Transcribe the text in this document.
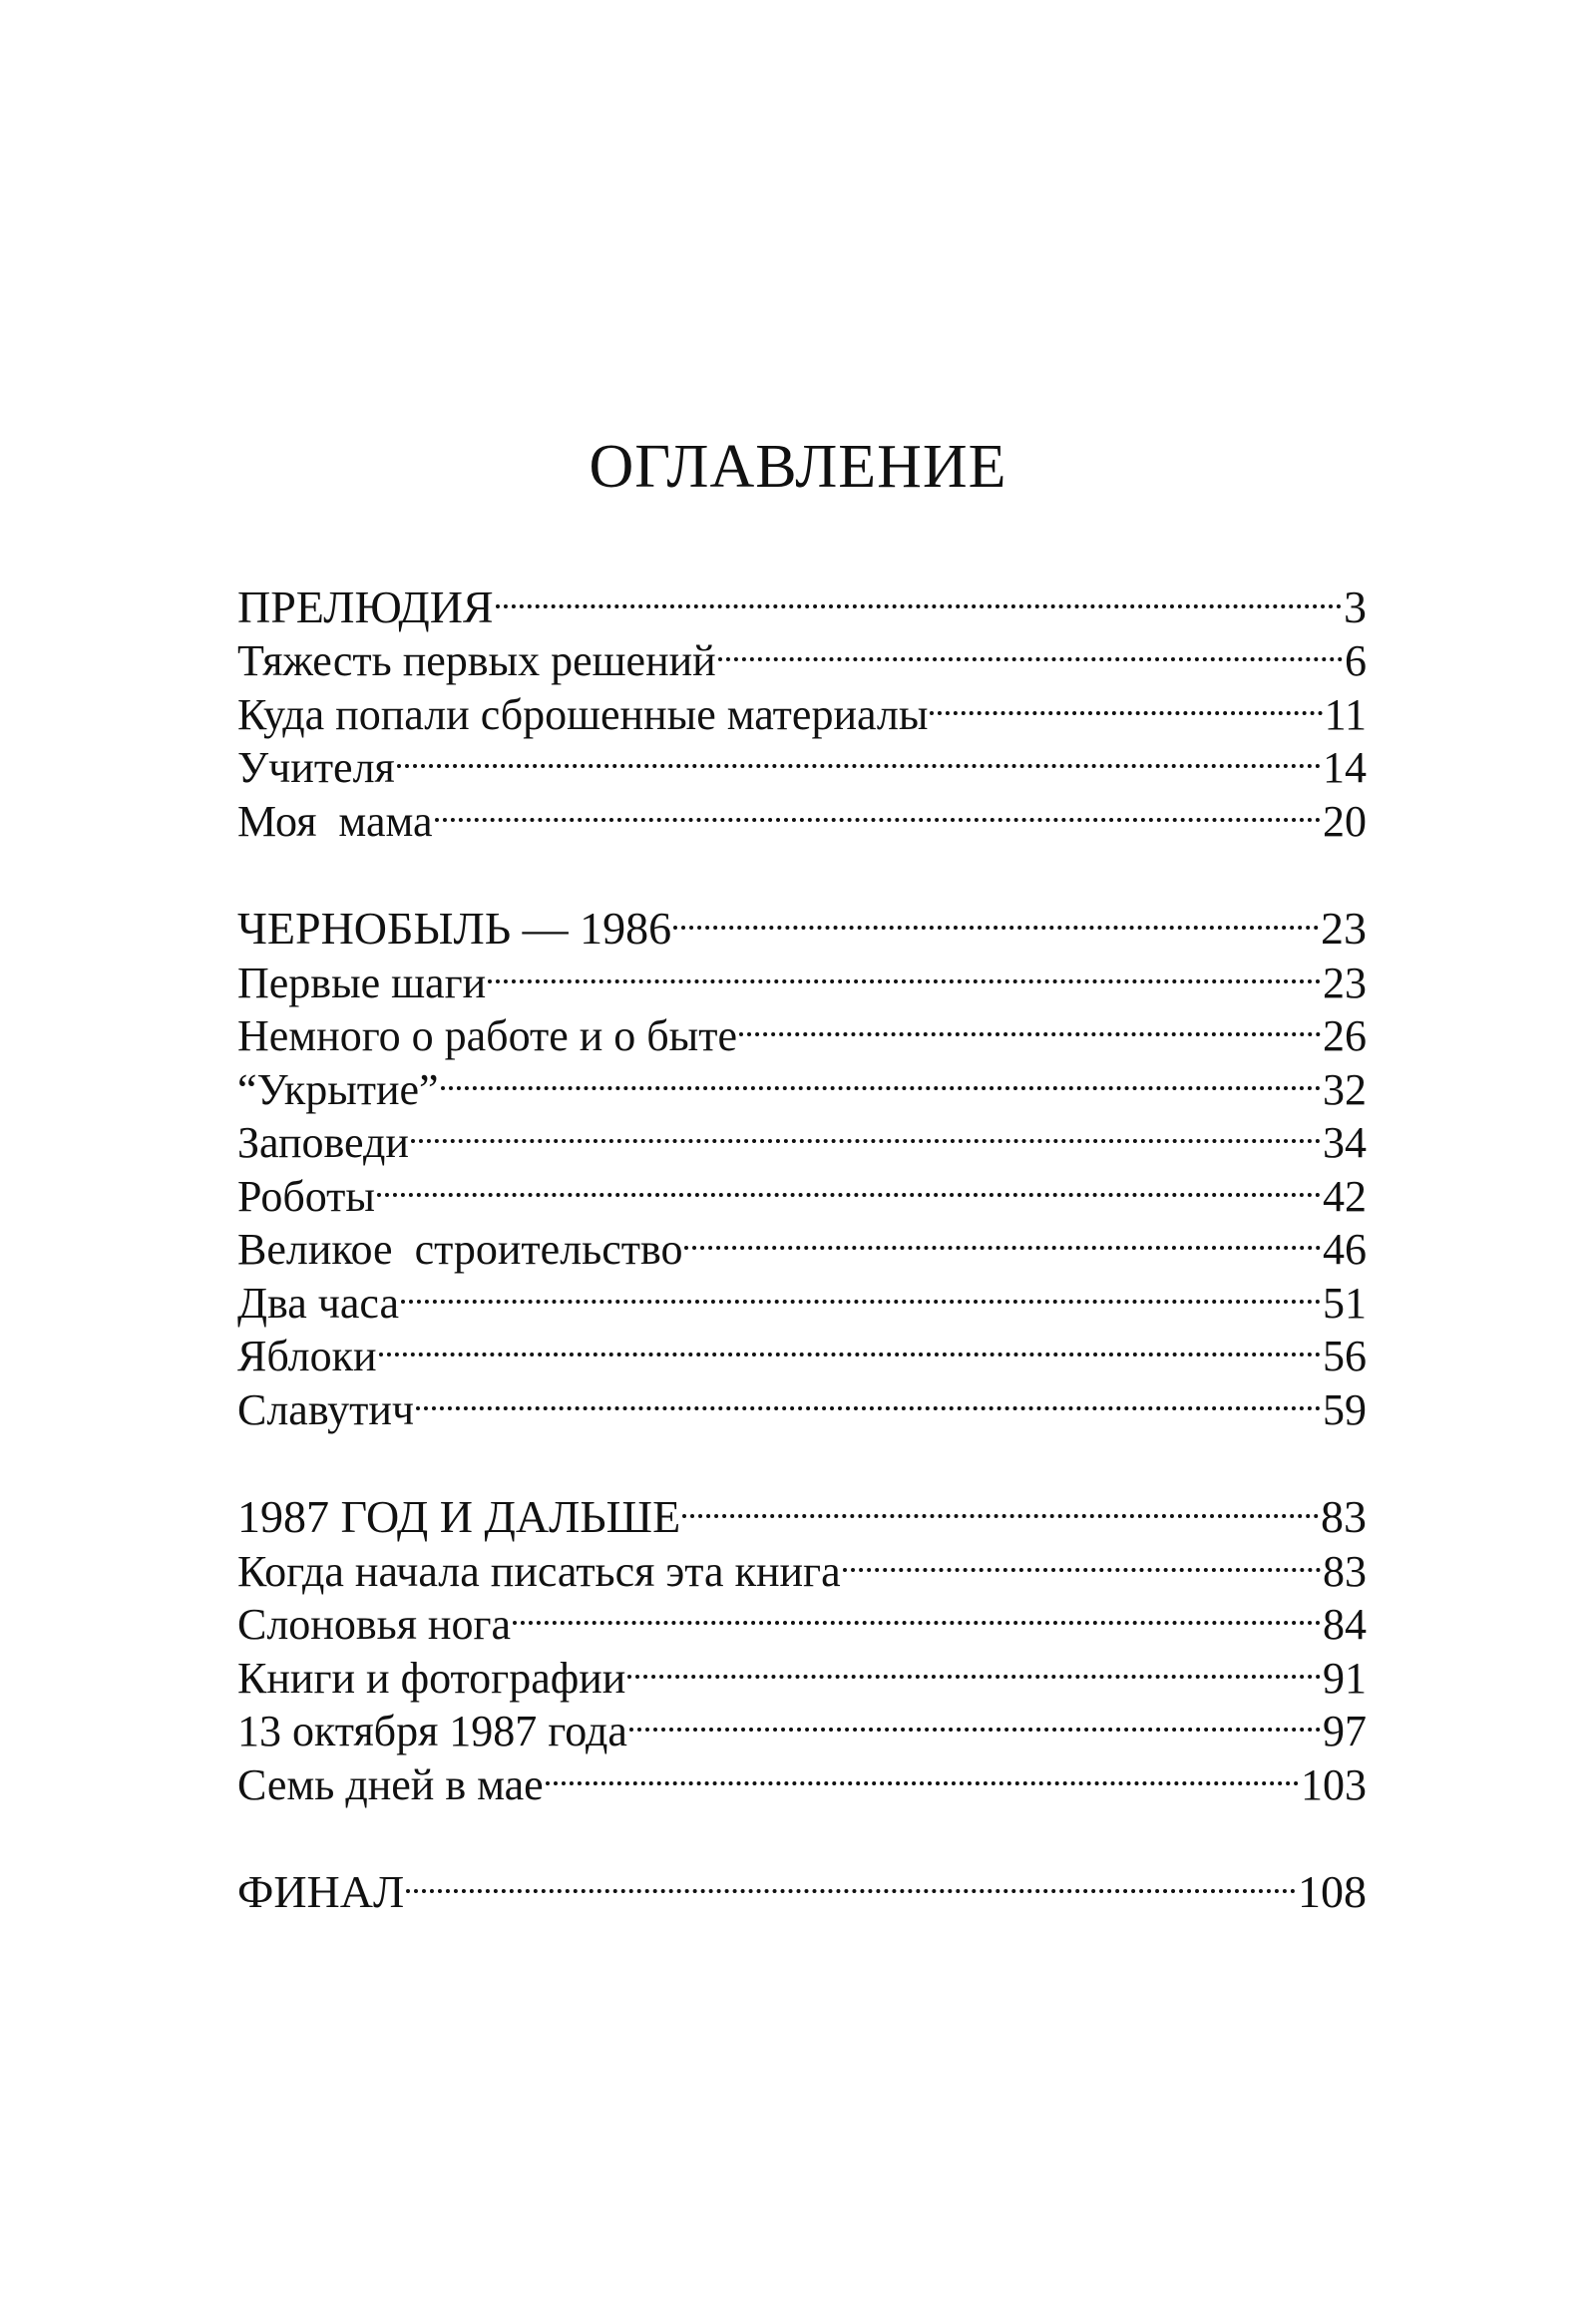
ОГЛАВЛЕНИЕ
ПРЕЛЮДИЯ	3
Тяжесть первых решений	6
Куда попали сброшенные материалы	11
Учителя	14
Моя  мама	20
ЧЕРНОБЫЛЬ — 1986	23
Первые шаги	23
Немного о работе и о быте	26
“Укрытие”	32
Заповеди	34
Роботы	42
Великое  строительство	46
Два часа	51
Яблоки	56
Славутич	59
1987 ГОД И ДАЛЬШЕ	83
Когда начала писаться эта книга	83
Слоновья нога	84
Книги и фотографии	91
13 октября 1987 года	97
Семь дней в мае	103
ФИНАЛ	108
